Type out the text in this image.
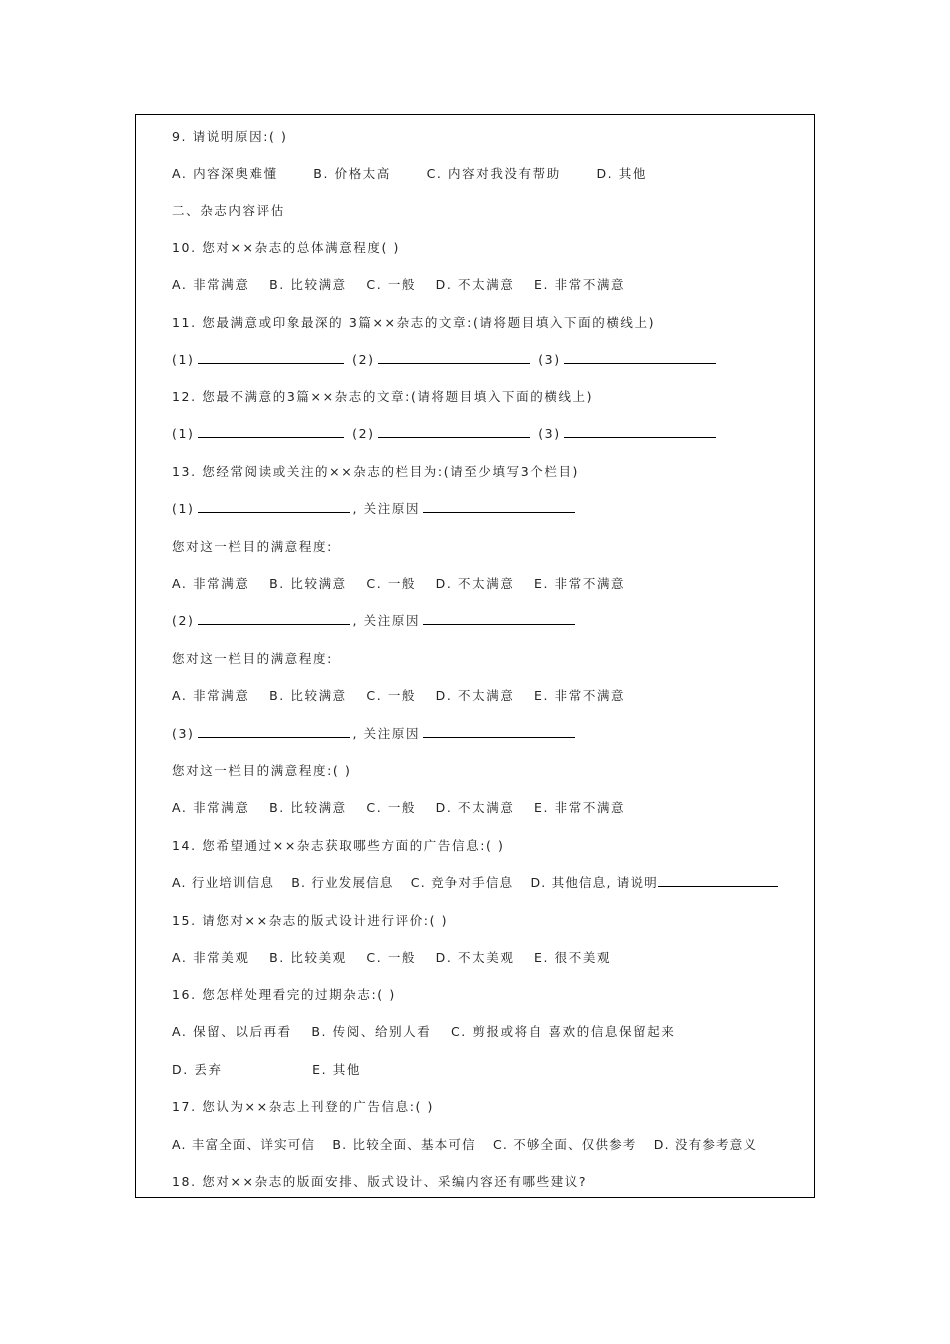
9. 请说明原因:( )
A. 内容深奥难懂	B. 价格太高	C. 内容对我没有帮助	D. 其他
二、杂志内容评估
10. 您对××杂志的总体满意程度( )
A. 非常满意 B. 比较满意 C. 一般 D. 不太满意 E. 非常不满意
11. 您最满意或印象最深的 3篇××杂志的文章:(请将题目填入下面的横线上)
(1)	(2)	(3)
12. 您最不满意的3篇××杂志的文章:(请将题目填入下面的横线上)
(1)	(2)	(3)
13. 您经常阅读或关注的××杂志的栏目为:(请至少填写3个栏目)
(1)	, 关注原因
您对这一栏目的满意程度:
A. 非常满意 B. 比较满意 C. 一般 D. 不太满意 E. 非常不满意
(2)	, 关注原因
您对这一栏目的满意程度:
A. 非常满意 B. 比较满意 C. 一般 D. 不太满意 E. 非常不满意
(3)	, 关注原因
您对这一栏目的满意程度:( )
A. 非常满意 B. 比较满意 C. 一般 D. 不太满意 E. 非常不满意
14. 您希望通过××杂志获取哪些方面的广告信息:( )
A. 行业培训信息 B. 行业发展信息 C. 竞争对手信息 D. 其他信息, 请说明
15. 请您对××杂志的版式设计进行评价:( )
A. 非常美观 B. 比较美观 C. 一般 D. 不太美观 E. 很不美观
16. 您怎样处理看完的过期杂志:( )
A. 保留、以后再看 B. 传阅、给别人看 C. 剪报或将自 喜欢的信息保留起来
D. 丢弃	E. 其他
17. 您认为××杂志上刊登的广告信息:( )
A. 丰富全面、详实可信 B. 比较全面、基本可信 C. 不够全面、仅供参考 D. 没有参考意义
18. 您对××杂志的版面安排、版式设计、采编内容还有哪些建议?
